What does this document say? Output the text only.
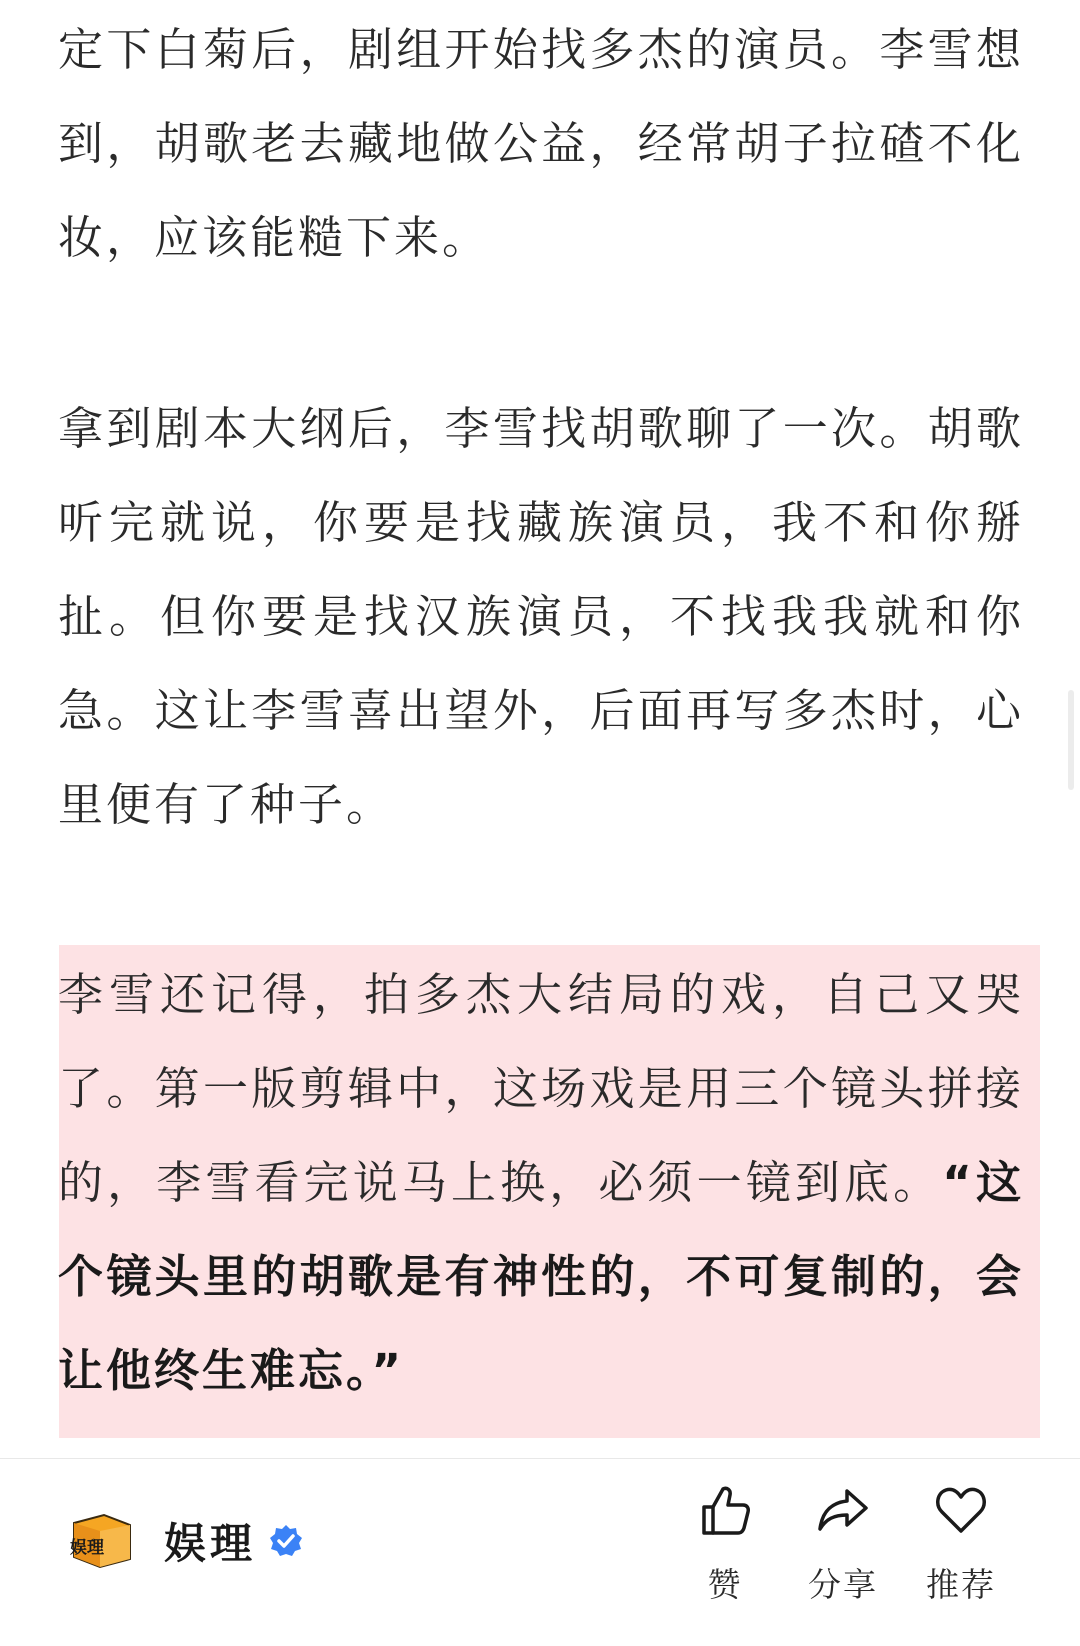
定下白菊后，剧组开始找多杰的演员。李雪想到，胡歌老去藏地做公益，经常胡子拉碴不化妆，应该能糙下来。

拿到剧本大纲后，李雪找胡歌聊了一次。胡歌听完就说，你要是找藏族演员，我不和你掰扯。但你要是找汉族演员，不找我我就和你急。这让李雪喜出望外，后面再写多杰时，心里便有了种子。

李雪还记得，拍多杰大结局的戏，自己又哭了。第一版剪辑中，这场戏是用三个镜头拼接的，李雪看完说马上换，必须一镜到底。“这个镜头里的胡歌是有神性的，不可复制的，会让他终生难忘。”

娱理 娱理
赞 分享 推荐
